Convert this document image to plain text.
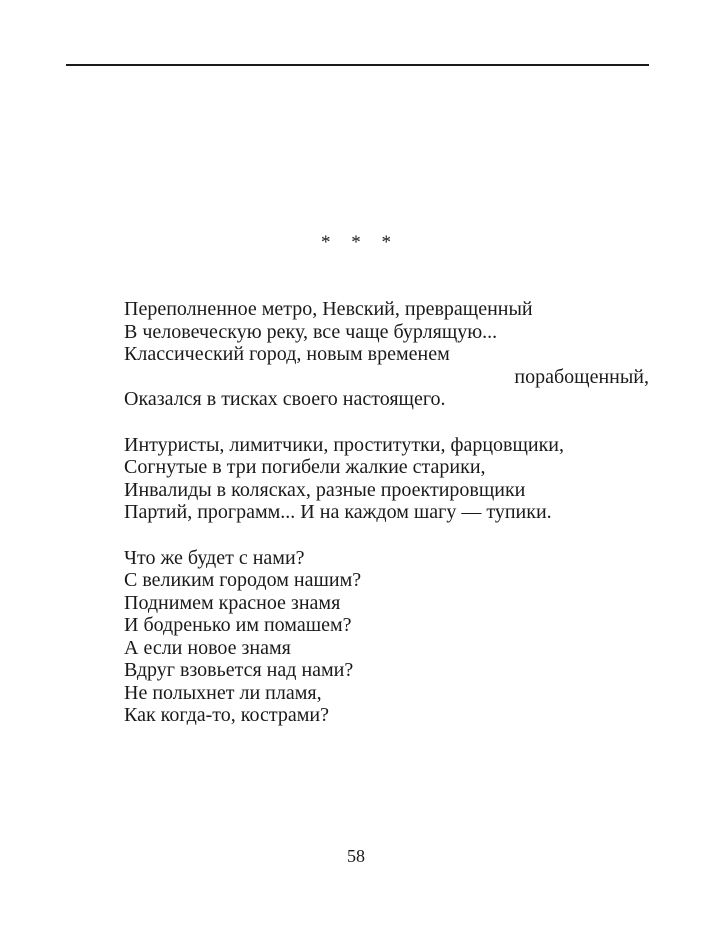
* * *
Переполненное метро, Невский, превращенный
В человеческую реку, все чаще бурлящую...
Классический город, новым временем
порабощенный,
Оказался в тисках своего настоящего.
Интуристы, лимитчики, проститутки, фарцовщики,
Согнутые в три погибели жалкие старики,
Инвалиды в колясках, разные проектировщики
Партий, программ... И на каждом шагу — тупики.
Что же будет с нами?
С великим городом нашим?
Поднимем красное знамя
И бодренько им помашем?
А если новое знамя
Вдруг взовьется над нами?
Не полыхнет ли пламя,
Как когда-то, кострами?
58
